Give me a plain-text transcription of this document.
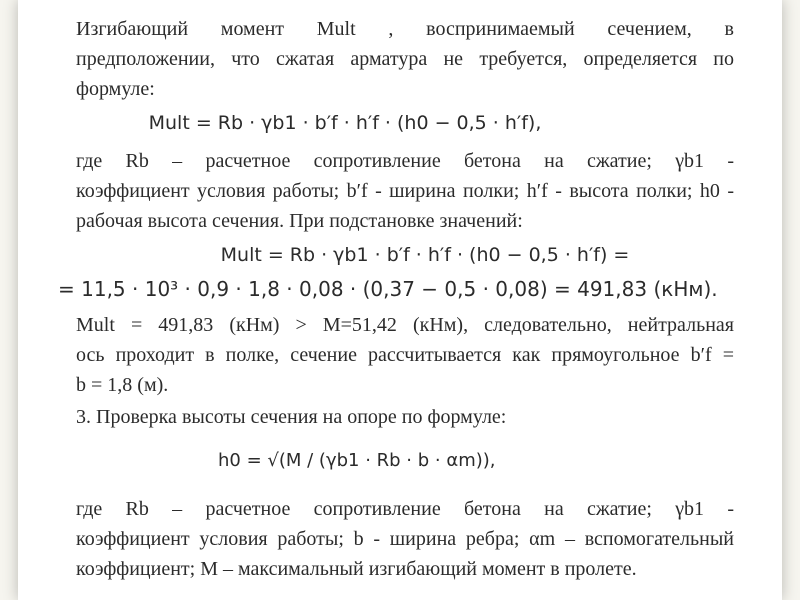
Изгибающий момент Mult , воспринимаемый сечением, в
предположении, что сжатая арматура не требуется, определяется по
формуле:
Mult = Rb · γb1 · b′f · h′f · (h0 − 0,5 · h′f),
где Rb – расчетное сопротивление бетона на сжатие; γb1 -
коэффициент условия работы; b′f - ширина полки; h′f - высота полки; h0 -
рабочая высота сечения. При подстановке значений:
Mult = Rb · γb1 · b′f · h′f · (h0 − 0,5 · h′f) =
= 11,5 · 10³ · 0,9 · 1,8 · 0,08 · (0,37 − 0,5 · 0,08) = 491,83 (кНм).
Mult = 491,83 (кНм) > M=51,42 (кНм), следовательно, нейтральная
ось проходит в полке, сечение рассчитывается как прямоугольное b′f =
b = 1,8 (м).
3. Проверка высоты сечения на опоре по формуле:
h0 = √(M / (γb1 · Rb · b · αm)),
где Rb – расчетное сопротивление бетона на сжатие; γb1 -
коэффициент условия работы; b - ширина ребра; αm – вспомогательный
коэффициент; M – максимальный изгибающий момент в пролете.
